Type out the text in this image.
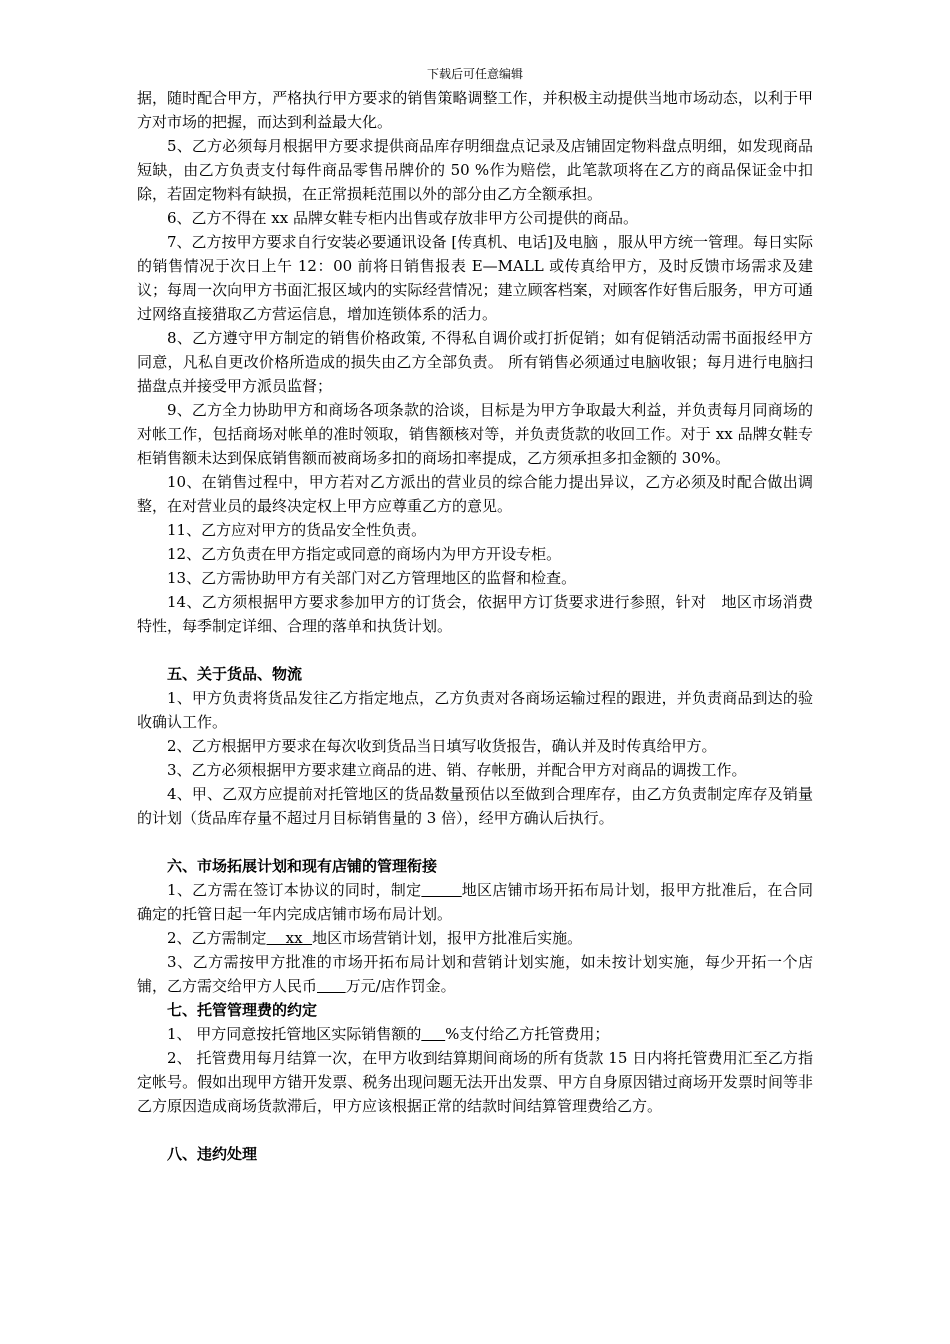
下载后可任意编辑

据，随时配合甲方，严格执行甲方要求的销售策略调整工作，并积极主动提供当地市场动态，以利于甲方对市场的把握，而达到利益最大化。

5、乙方必须每月根据甲方要求提供商品库存明细盘点记录及店铺固定物料盘点明细，如发现商品短缺，由乙方负责支付每件商品零售吊牌价的 50 %作为赔偿，此笔款项将在乙方的商品保证金中扣除，若固定物料有缺损，在正常损耗范围以外的部分由乙方全额承担。

6、乙方不得在 xx 品牌女鞋专柜内出售或存放非甲方公司提供的商品。

7、乙方按甲方要求自行安装必要通讯设备 [传真机、电话]及电脑 ，服从甲方统一管理。每日实际的销售情况于次日上午 12：00 前将日销售报表 E—MALL 或传真给甲方，及时反馈市场需求及建议；每周一次向甲方书面汇报区域内的实际经营情况；建立顾客档案，对顾客作好售后服务，甲方可通过网络直接猎取乙方营运信息，增加连锁体系的活力。

8、乙方遵守甲方制定的销售价格政策, 不得私自调价或打折促销；如有促销活动需书面报经甲方同意，凡私自更改价格所造成的损失由乙方全部负责。 所有销售必须通过电脑收银；每月进行电脑扫描盘点并接受甲方派员监督；

9、乙方全力协助甲方和商场各项条款的洽谈，目标是为甲方争取最大利益，并负责每月同商场的对帐工作，包括商场对帐单的准时领取，销售额核对等，并负责货款的收回工作。对于 xx 品牌女鞋专柜销售额未达到保底销售额而被商场多扣的商场扣率提成，乙方须承担多扣金额的 30%。

10、在销售过程中，甲方若对乙方派出的营业员的综合能力提出异议，乙方必须及时配合做出调整，在对营业员的最终决定权上甲方应尊重乙方的意见。

11、乙方应对甲方的货品安全性负责。

12、乙方负责在甲方指定或同意的商场内为甲方开设专柜。

13、乙方需协助甲方有关部门对乙方管理地区的监督和检查。

14、乙方须根据甲方要求参加甲方的订货会，依据甲方订货要求进行参照，针对　地区市场消费特性，每季制定详细、合理的落单和执货计划。

五、关于货品、物流

1、甲方负责将货品发往乙方指定地点，乙方负责对各商场运输过程的跟进，并负责商品到达的验收确认工作。

2、乙方根据甲方要求在每次收到货品当日填写收货报告，确认并及时传真给甲方。

3、乙方必须根据甲方要求建立商品的进、销、存帐册，并配合甲方对商品的调拨工作。

4、甲、乙双方应提前对托管地区的货品数量预估以至做到合理库存，由乙方负责制定库存及销量的计划（货品库存量不超过月目标销售量的 3 倍），经甲方确认后执行。

六、市场拓展计划和现有店铺的管理衔接

1、乙方需在签订本协议的同时，制定	地区店铺市场开拓布局计划，报甲方批准后，在合同确定的托管日起一年内完成店铺市场布局计划。

2、乙方需制定    xx  地区市场营销计划，报甲方批准后实施。

3、乙方需按甲方批准的市场开拓布局计划和营销计划实施，如未按计划实施，每少开拓一个店铺，乙方需交给甲方人民币 万元/店作罚金。

七、托管管理费的约定

1、 甲方同意按托管地区实际销售额的 %支付给乙方托管费用；

2、 托管费用每月结算一次，在甲方收到结算期间商场的所有货款 15 日内将托管费用汇至乙方指定帐号。假如出现甲方错开发票、税务出现问题无法开出发票、甲方自身原因错过商场开发票时间等非乙方原因造成商场货款滞后，甲方应该根据正常的结款时间结算管理费给乙方。

八、违约处理
